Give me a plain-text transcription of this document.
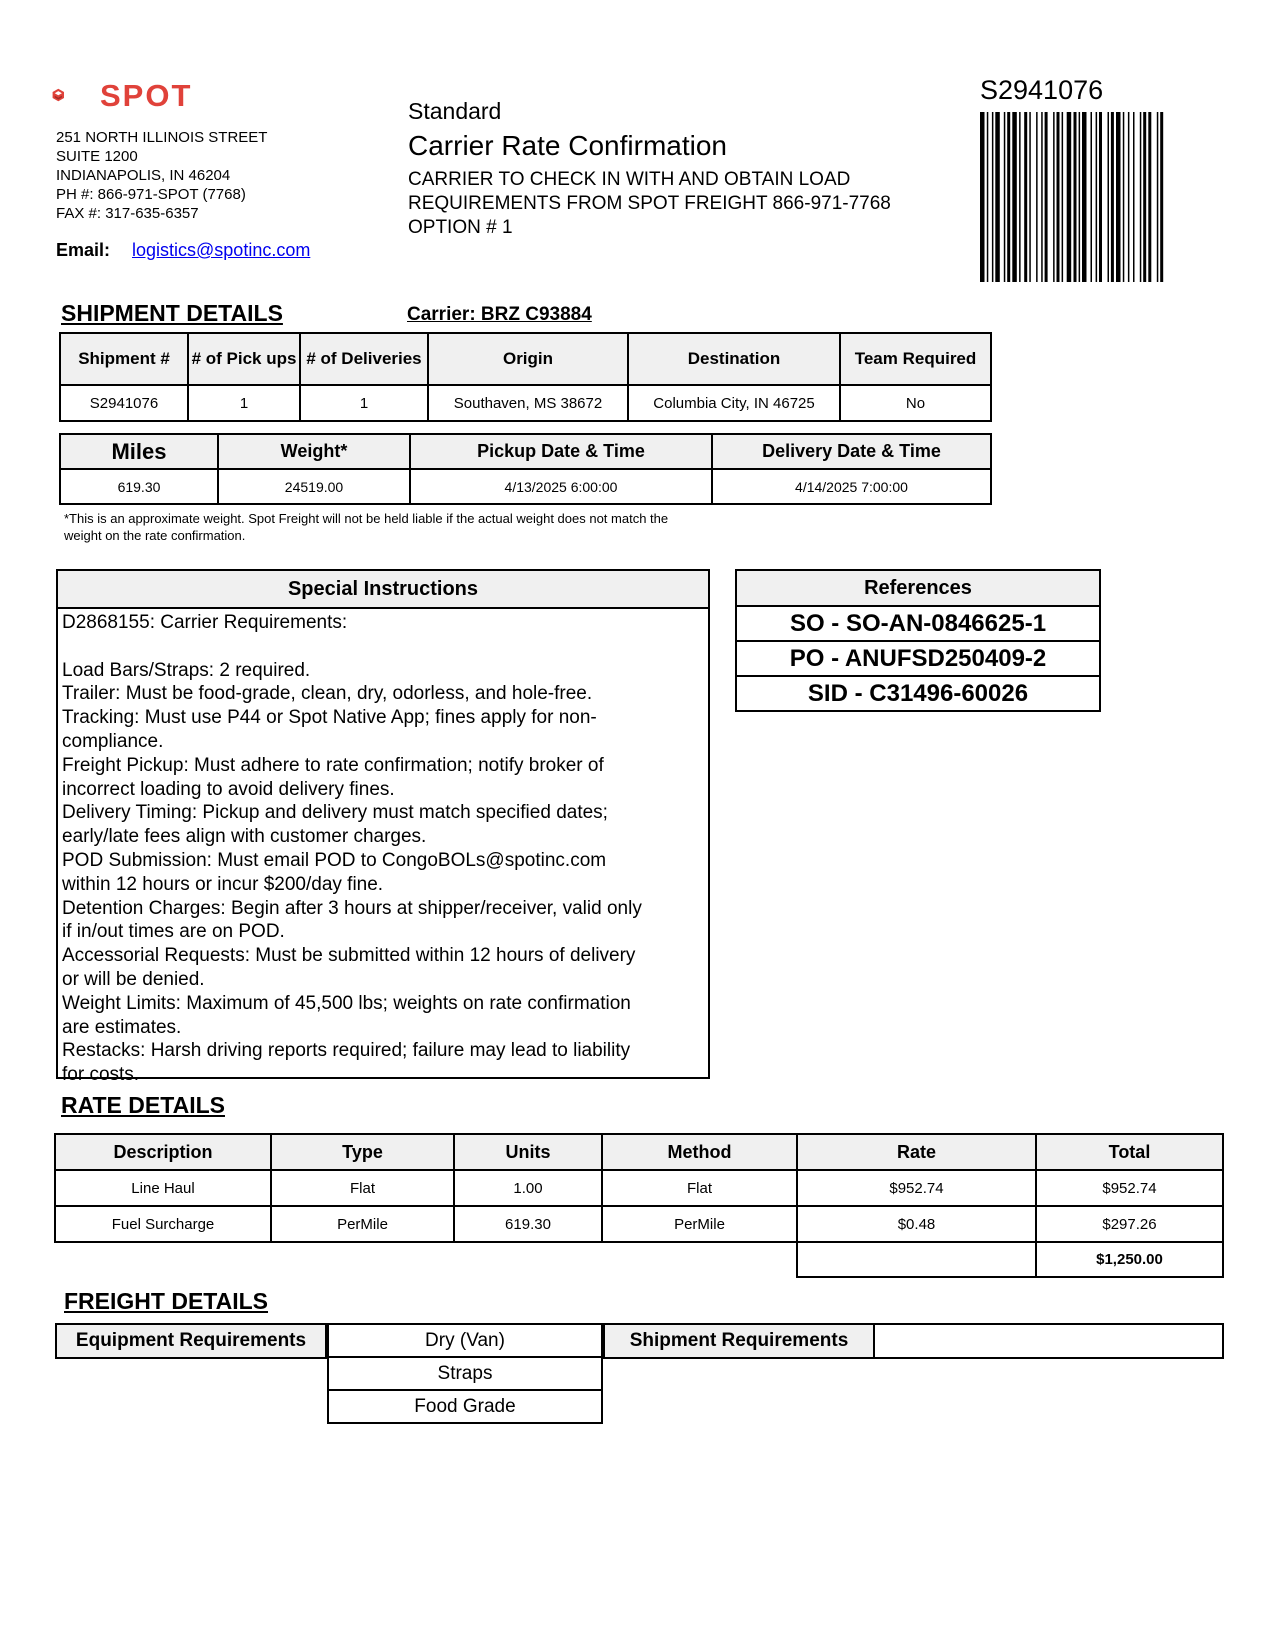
SPOT
251 NORTH ILLINOIS STREET
SUITE 1200
INDIANAPOLIS, IN 46204
PH #: 866-971-SPOT (7768)
FAX #: 317-635-6357
Email: logistics@spotinc.com
Standard
Carrier Rate Confirmation
CARRIER TO CHECK IN WITH AND OBTAIN LOAD
REQUIREMENTS FROM SPOT FREIGHT 866-971-7768
OPTION # 1
S2941076
SHIPMENT DETAILS	Carrier: BRZ C93884
Shipment #	# of Pick ups	# of Deliveries	Origin	Destination	Team Required
S2941076	1	1	Southaven, MS 38672	Columbia City, IN 46725	No
Miles	Weight*	Pickup Date & Time	Delivery Date & Time
619.30	24519.00	4/13/2025 6:00:00	4/14/2025 7:00:00
*This is an approximate weight. Spot Freight will not be held liable if the actual weight does not match the weight on the rate confirmation.
Special Instructions
D2868155: Carrier Requirements:

Load Bars/Straps: 2 required.
Trailer: Must be food-grade, clean, dry, odorless, and hole-free.
Tracking: Must use P44 or Spot Native App; fines apply for non-
compliance.
Freight Pickup: Must adhere to rate confirmation; notify broker of
incorrect loading to avoid delivery fines.
Delivery Timing: Pickup and delivery must match specified dates;
early/late fees align with customer charges.
POD Submission: Must email POD to CongoBOLs@spotinc.com
within 12 hours or incur $200/day fine.
Detention Charges: Begin after 3 hours at shipper/receiver, valid only
if in/out times are on POD.
Accessorial Requests: Must be submitted within 12 hours of delivery
or will be denied.
Weight Limits: Maximum of 45,500 lbs; weights on rate confirmation
are estimates.
Restacks: Harsh driving reports required; failure may lead to liability
for costs.
References
SO - SO-AN-0846625-1
PO - ANUFSD250409-2
SID - C31496-60026
RATE DETAILS
Description	Type	Units	Method	Rate	Total
Line Haul	Flat	1.00	Flat	$952.74	$952.74
Fuel Surcharge	PerMile	619.30	PerMile	$0.48	$297.26
					$1,250.00
FREIGHT DETAILS
Equipment Requirements	Dry (Van)
Straps
Food Grade
Shipment Requirements
